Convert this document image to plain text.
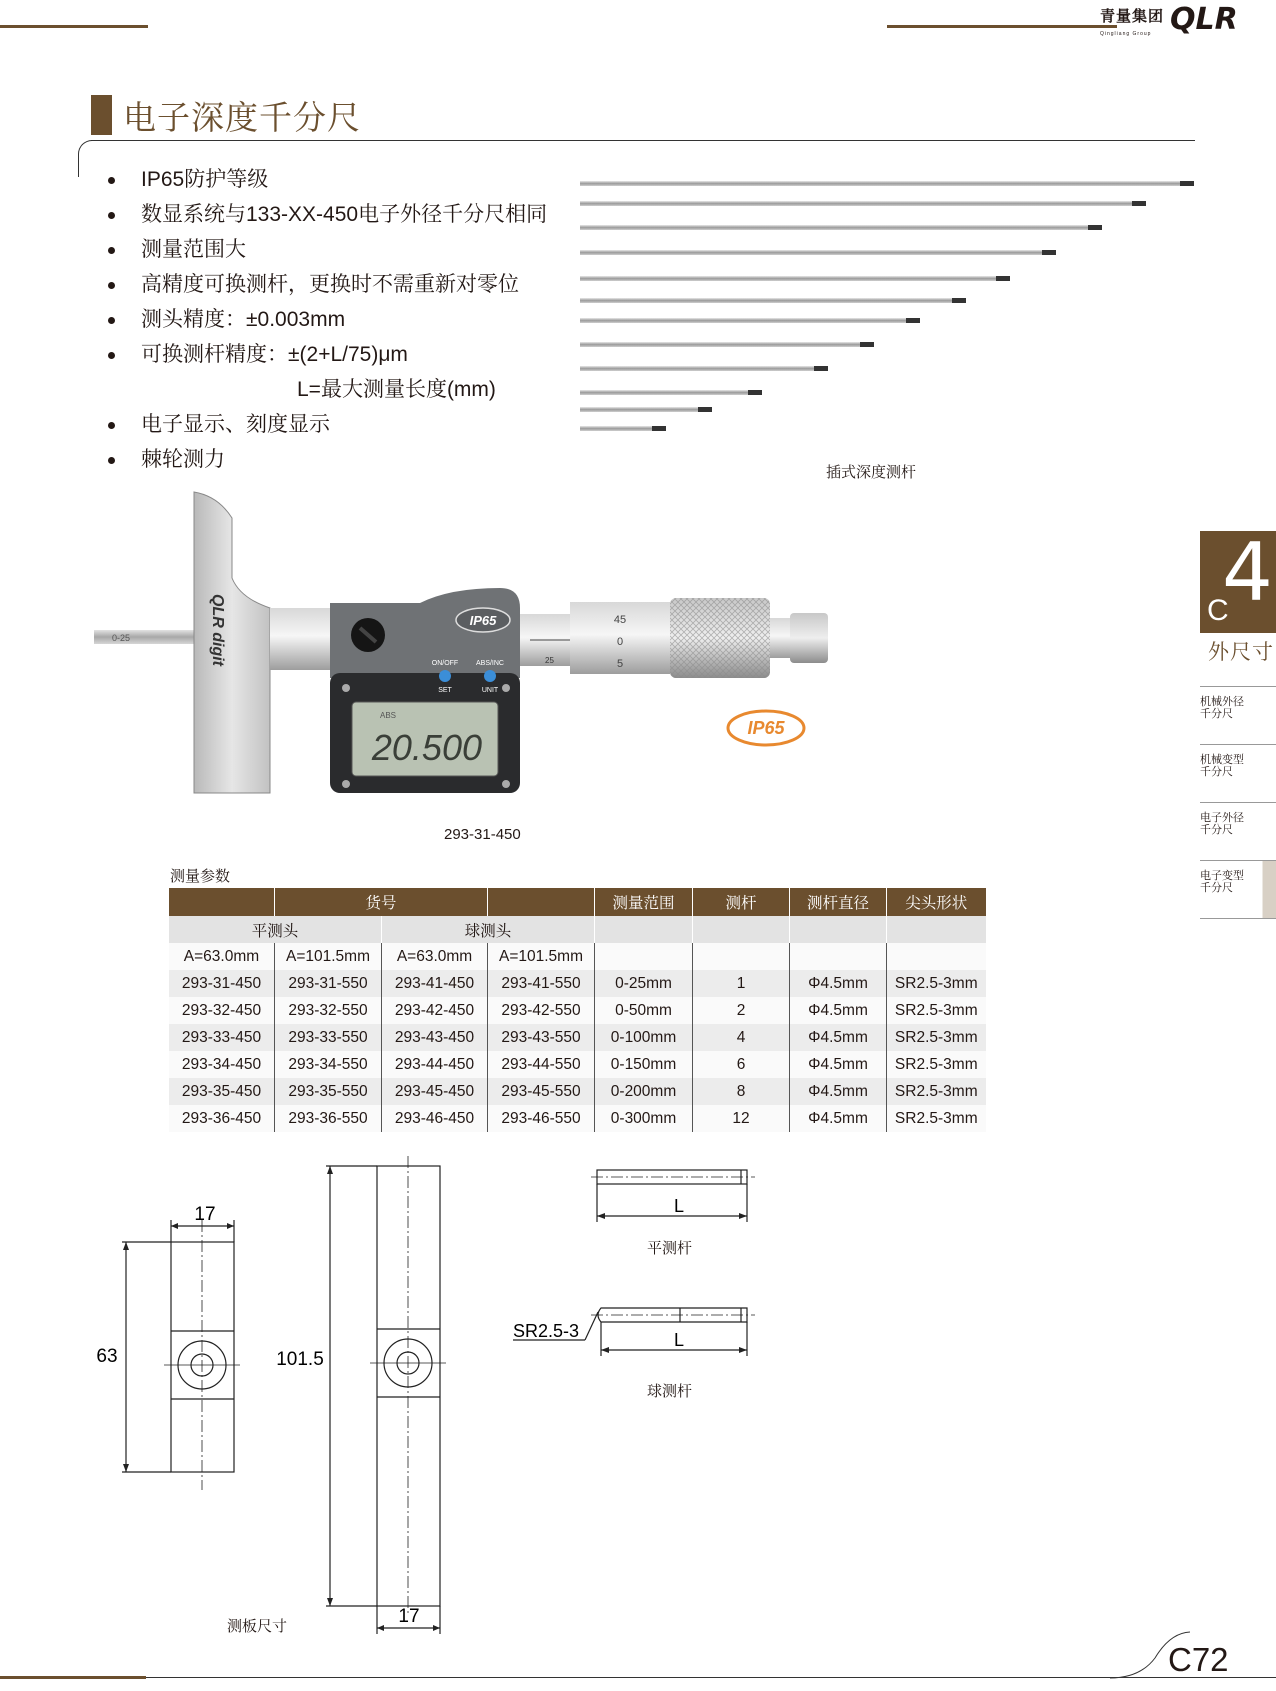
青量集团
Qingliang Group QLR
电子深度千分尺
IP65防护等级
数显系统与133-XX-450电子外径千分尺相同
测量范围大
高精度可换测杆，更换时不需重新对零位
测头精度：±0.003mm
可换测杆精度：±(2+L/75)μm
L=最大测量长度(mm)
电子显示、刻度显示
棘轮测力
插式深度测杆
0-25	QLR digit	IP65
ON/OFF	ABS/INC
SET	UNIT
ABS
20.500
25
45
0
5
IP65
293-31-450
4
C
外尺寸
机械外径
千分尺
机械变型
千分尺
电子外径
千分尺
电子变型
千分尺
测量参数
	货号			测量范围	测杆	测杆直径	尖头形状
平测头		球测头					
A=63.0mm	A=101.5mm	A=63.0mm	A=101.5mm				
293-31-450	293-31-550	293-41-450	293-41-550	0-25mm	1	Φ4.5mm	SR2.5-3mm
293-32-450	293-32-550	293-42-450	293-42-550	0-50mm	2	Φ4.5mm	SR2.5-3mm
293-33-450	293-33-550	293-43-450	293-43-550	0-100mm	4	Φ4.5mm	SR2.5-3mm
293-34-450	293-34-550	293-44-450	293-44-550	0-150mm	6	Φ4.5mm	SR2.5-3mm
293-35-450	293-35-550	293-45-450	293-45-550	0-200mm	8	Φ4.5mm	SR2.5-3mm
293-36-450	293-36-550	293-46-450	293-46-550	0-300mm	12	Φ4.5mm	SR2.5-3mm
17
63	101.5
17
测板尺寸
L
L
SR2.5-3
平测杆
球测杆
C72
